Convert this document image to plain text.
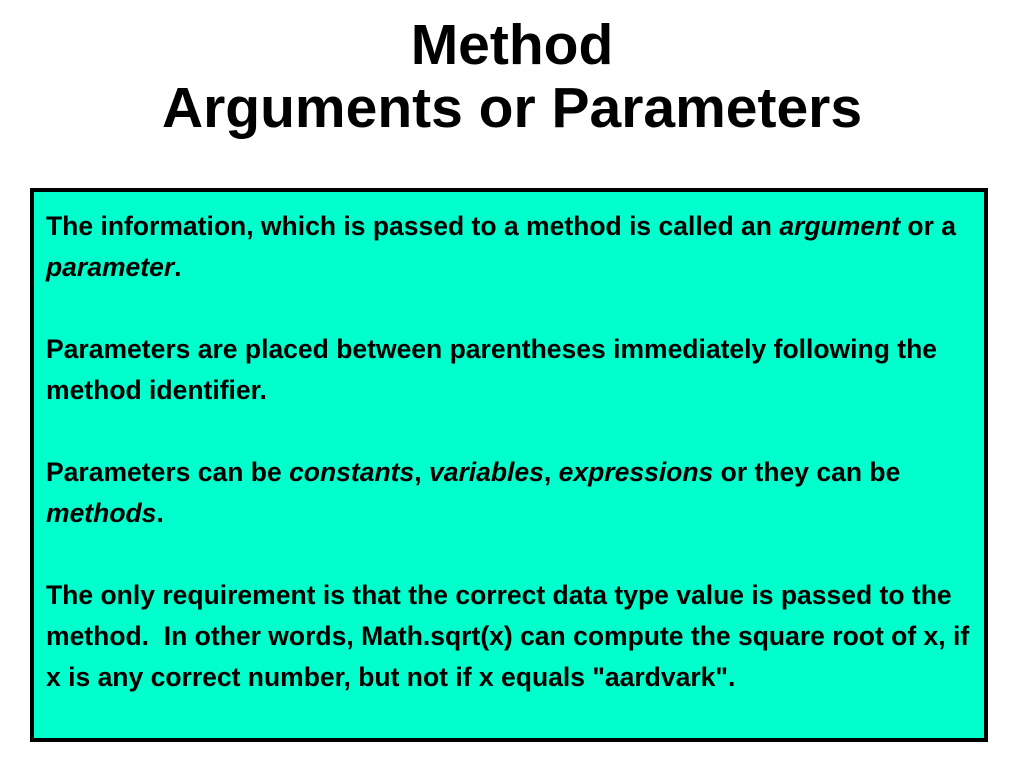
Method
Arguments or Parameters

The information, which is passed to a method is called an argument or a parameter.

Parameters are placed between parentheses immediately following the method identifier.

Parameters can be constants, variables, expressions or they can be methods.

The only requirement is that the correct data type value is passed to the method.  In other words, Math.sqrt(x) can compute the square root of x, if x is any correct number, but not if x equals "aardvark".
